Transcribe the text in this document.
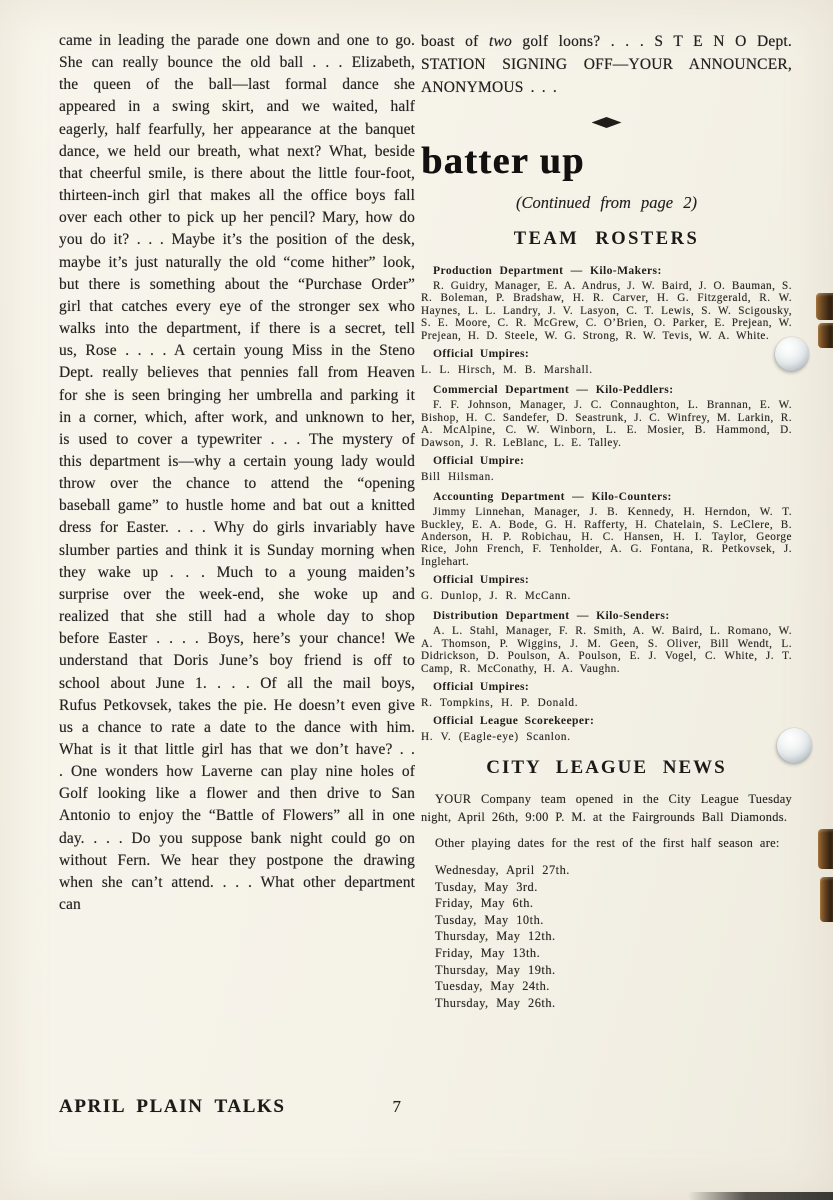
came in leading the parade one down and one to go. She can really bounce the old ball . . . Elizabeth, the queen of the ball—last formal dance she appeared in a swing skirt, and we waited, half eagerly, half fearfully, her appearance at the banquet dance, we held our breath, what next? What, beside that cheerful smile, is there about the little four-foot, thirteen-inch girl that makes all the office boys fall over each other to pick up her pencil? Mary, how do you do it? . . . Maybe it’s the position of the desk, maybe it’s just naturally the old “come hither” look, but there is something about the “Purchase Order” girl that catches every eye of the stronger sex who walks into the department, if there is a secret, tell us, Rose . . . . A certain young Miss in the Steno Dept. really believes that pennies fall from Heaven for she is seen bringing her umbrella and parking it in a corner, which, after work, and unknown to her, is used to cover a typewriter . . . The mystery of this department is—why a certain young lady would throw over the chance to attend the “opening baseball game” to hustle home and bat out a knitted dress for Easter. . . . Why do girls invariably have slumber parties and think it is Sunday morning when they wake up . . . Much to a young maiden’s surprise over the week-end, she woke up and realized that she still had a whole day to shop before Easter . . . . Boys, here’s your chance! We understand that Doris June’s boy friend is off to school about June 1. . . . Of all the mail boys, Rufus Petkovsek, takes the pie. He doesn’t even give us a chance to rate a date to the dance with him. What is it that little girl has that we don’t have? . . . One wonders how Laverne can play nine holes of Golf looking like a flower and then drive to San Antonio to enjoy the “Battle of Flowers” all in one day. . . . Do you suppose bank night could go on without Fern. We hear they postpone the drawing when she can’t attend. . . . What other department can

boast of two golf loons? . . . S T E N O Dept. STATION SIGNING OFF—YOUR ANNOUNCER, ANONYMOUS . . .

batter up
(Continued from page 2)
TEAM ROSTERS
Production Department — Kilo-Makers:
R. Guidry, Manager, E. A. Andrus, J. W. Baird, J. O. Bauman, S. R. Boleman, P. Bradshaw, H. R. Carver, H. G. Fitzgerald, R. W. Haynes, L. L. Landry, J. V. Lasyon, C. T. Lewis, S. W. Scigousky, S. E. Moore, C. R. McGrew, C. O’Brien, O. Parker, E. Prejean, W. Prejean, H. D. Steele, W. G. Strong, R. W. Tevis, W. A. White.
Official Umpires:
L. L. Hirsch, M. B. Marshall.
Commercial Department — Kilo-Peddlers:
F. F. Johnson, Manager, J. C. Connaughton, L. Brannan, E. W. Bishop, H. C. Sandefer, D. Seastrunk, J. C. Winfrey, M. Larkin, R. A. McAlpine, C. W. Winborn, L. E. Mosier, B. Hammond, D. Dawson, J. R. LeBlanc, L. E. Talley.
Official Umpire:
Bill Hilsman.
Accounting Department — Kilo-Counters:
Jimmy Linnehan, Manager, J. B. Kennedy, H. Herndon, W. T. Buckley, E. A. Bode, G. H. Rafferty, H. Chatelain, S. LeClere, B. Anderson, H. P. Robichau, H. C. Hansen, H. I. Taylor, George Rice, John French, F. Tenholder, A. G. Fontana, R. Petkovsek, J. Inglehart.
Official Umpires:
G. Dunlop, J. R. McCann.
Distribution Department — Kilo-Senders:
A. L. Stahl, Manager, F. R. Smith, A. W. Baird, L. Romano, W. A. Thomson, P. Wiggins, J. M. Geen, S. Oliver, Bill Wendt, L. Didrickson, D. Poulson, A. Poulson, E. J. Vogel, C. White, J. T. Camp, R. McConathy, H. A. Vaughn.
Official Umpires:
R. Tompkins, H. P. Donald.
Official League Scorekeeper:
H. V. (Eagle-eye) Scanlon.
CITY LEAGUE NEWS
YOUR Company team opened in the City League Tuesday night, April 26th, 9:00 P. M. at the Fairgrounds Ball Diamonds.
Other playing dates for the rest of the first half season are:
Wednesday, April 27th.
Tusday, May 3rd.
Friday, May 6th.
Tusday, May 10th.
Thursday, May 12th.
Friday, May 13th.
Thursday, May 19th.
Tuesday, May 24th.
Thursday, May 26th.
APRIL PLAIN TALKS	7
